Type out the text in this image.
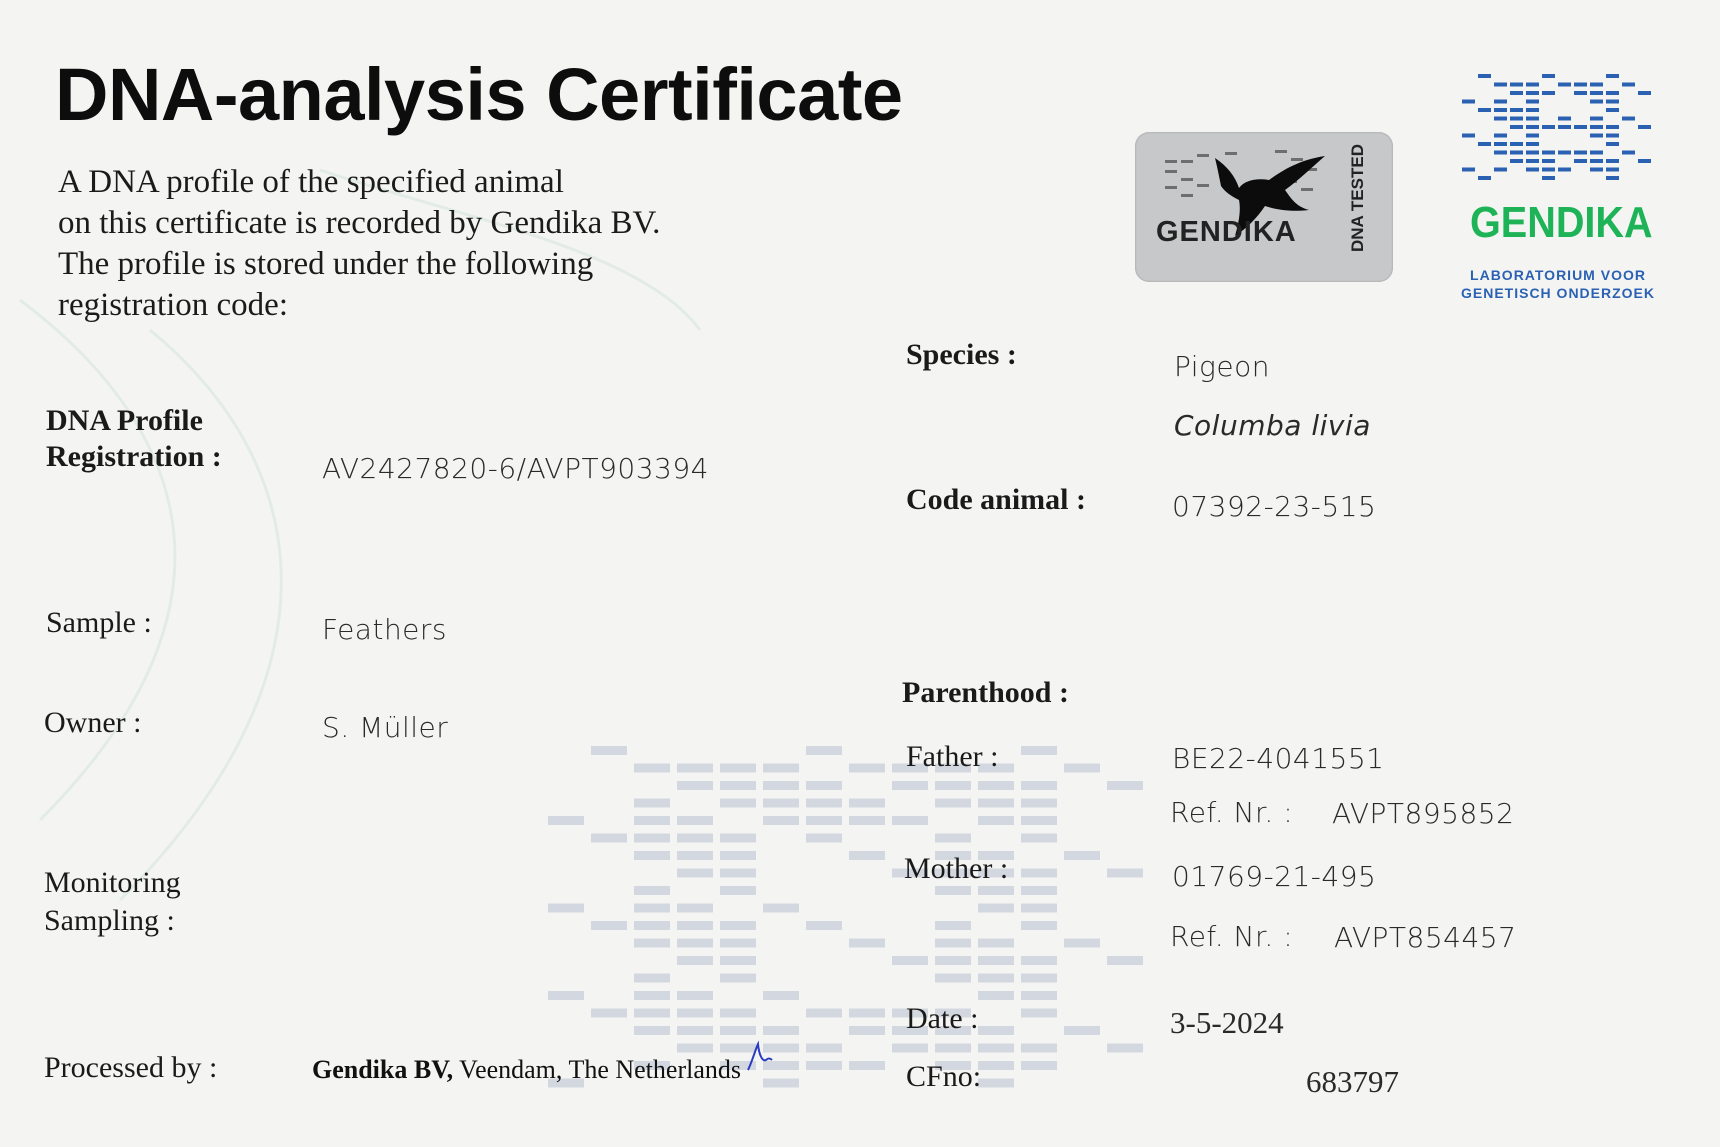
DNA-analysis Certificate
A DNA profile of the specified animal
on this certificate is recorded by Gendika BV.
The profile is stored under the following
registration code:
GENDIKA	DNA TESTED GENDIKA
LABORATORIUM VOOR
GENETISCH ONDERZOEK
DNA Profile
Registration :	AV2427820-6/AVPT903394
Sample :	Feathers
Owner :	S. Müller
Monitoring
Sampling :
Processed by :	Gendika BV, Veendam, The Netherlands
Species :	Pigeon
Columba livia
Code animal :	07392-23-515
Parenthood :
Father :	BE22-4041551
Ref. Nr. : AVPT895852
Mother :	01769-21-495
Ref. Nr. : AVPT854457
Date :	3-5-2024
CFno:	683797
